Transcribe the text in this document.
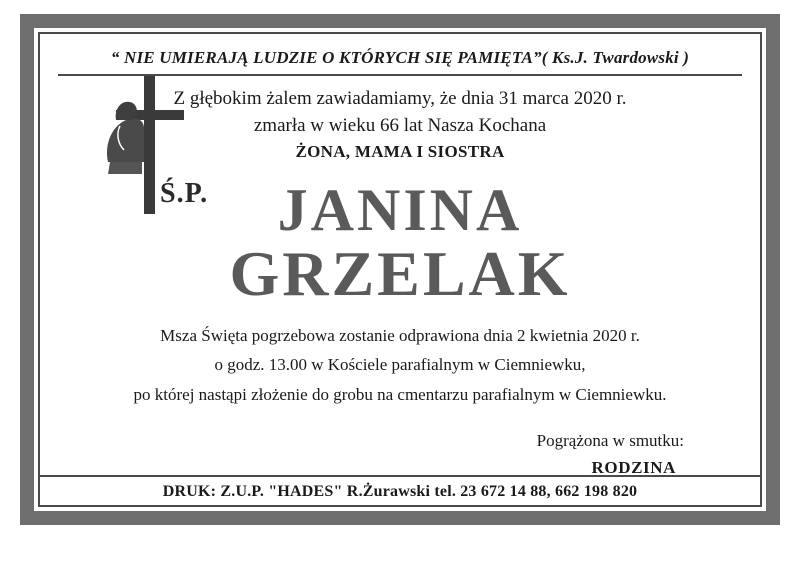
“ NIE UMIERAJĄ LUDZIE O KTÓRYCH SIĘ PAMIĘTA”( Ks.J. Twardowski )
Ś.P.
Z głębokim żalem zawiadamiamy, że dnia 31 marca 2020 r.
zmarła w wieku 66 lat Nasza Kochana
ŻONA, MAMA I SIOSTRA
JANINA
GRZELAK
Msza Święta pogrzebowa zostanie odprawiona dnia 2 kwietnia 2020 r.
o godz. 13.00 w Kościele parafialnym w Ciemniewku,
po której nastąpi złożenie do grobu na cmentarzu parafialnym w Ciemniewku.
Pogrążona w smutku:
RODZINA
DRUK: Z.U.P. "HADES" R.Żurawski tel. 23 672 14 88, 662 198 820
